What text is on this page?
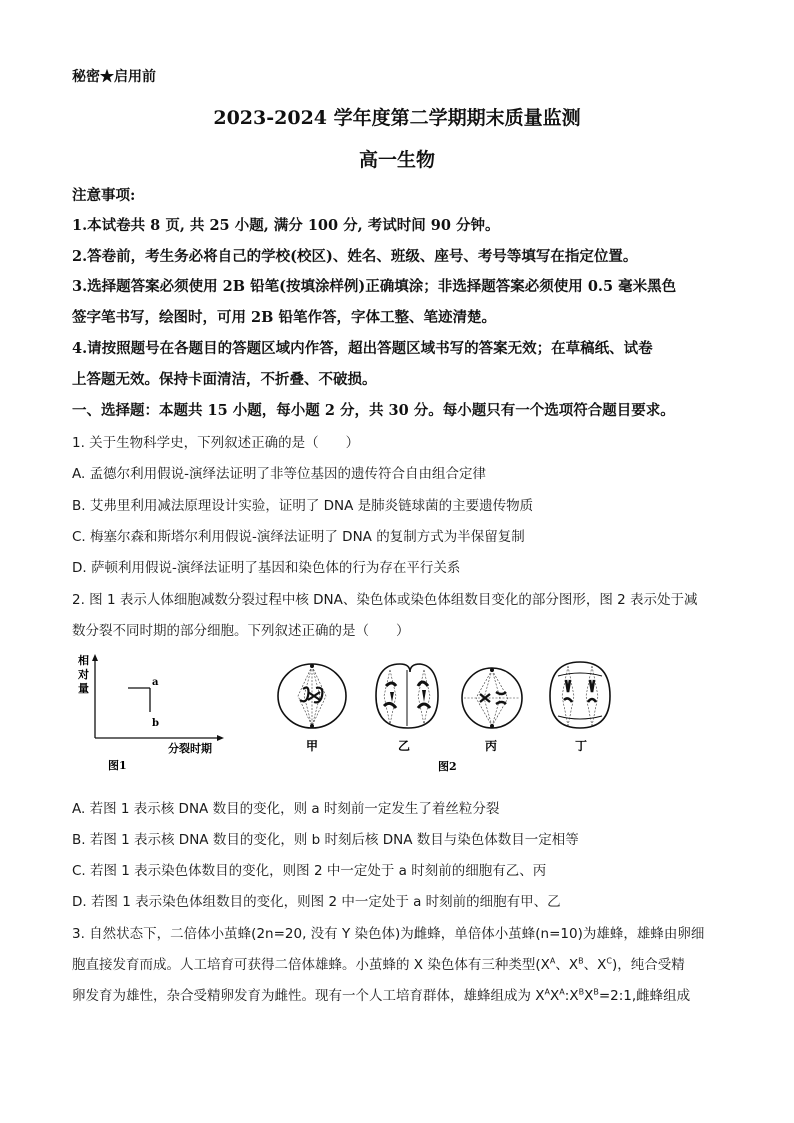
秘密★启用前
2023-2024 学年度第二学期期末质量监测
高一生物
注意事项:
1.本试卷共 8 页, 共 25 小题, 满分 100 分, 考试时间 90 分钟。
2.答卷前，考生务必将自己的学校(校区)、姓名、班级、座号、考号等填写在指定位置。
3.选择题答案必须使用 2B 铅笔(按填涂样例)正确填涂；非选择题答案必须使用 0.5 毫米黑色
签字笔书写，绘图时，可用 2B 铅笔作答，字体工整、笔迹清楚。
4.请按照题号在各题目的答题区域内作答，超出答题区域书写的答案无效；在草稿纸、试卷
上答题无效。保持卡面清洁，不折叠、不破损。
一、选择题：本题共 15 小题，每小题 2 分，共 30 分。每小题只有一个选项符合题目要求。
1. 关于生物科学史，下列叙述正确的是（　　）
A. 孟德尔利用假说-演绎法证明了非等位基因的遗传符合自由组合定律
B. 艾弗里利用减法原理设计实验，证明了 DNA 是肺炎链球菌的主要遗传物质
C. 梅塞尔森和斯塔尔利用假说-演绎法证明了 DNA 的复制方式为半保留复制
D. 萨顿利用假说-演绎法证明了基因和染色体的行为存在平行关系
2. 图 1 表示人体细胞减数分裂过程中核 DNA、染色体或染色体组数目变化的部分图形，图 2 表示处于减
数分裂不同时期的部分细胞。下列叙述正确的是（　　）
相
对
量	a
b
分裂时期
图1
甲	乙	丙	丁
图2
A. 若图 1 表示核 DNA 数目的变化，则 a 时刻前一定发生了着丝粒分裂
B. 若图 1 表示核 DNA 数目的变化，则 b 时刻后核 DNA 数目与染色体数目一定相等
C. 若图 1 表示染色体数目的变化，则图 2 中一定处于 a 时刻前的细胞有乙、丙
D. 若图 1 表示染色体组数目的变化，则图 2 中一定处于 a 时刻前的细胞有甲、乙
3. 自然状态下，二倍体小茧蜂(2n=20, 没有 Y 染色体)为雌蜂，单倍体小茧蜂(n=10)为雄蜂，雄蜂由卵细
胞直接发育而成。人工培育可获得二倍体雄蜂。小茧蜂的 X 染色体有三种类型($X^A$、$X^B$、$X^C$)，纯合受精
卵发育为雄性，杂合受精卵发育为雌性。现有一个人工培育群体，雄蜂组成为 $X^AX^A:X^BX^B=2:1$,雌蜂组成
